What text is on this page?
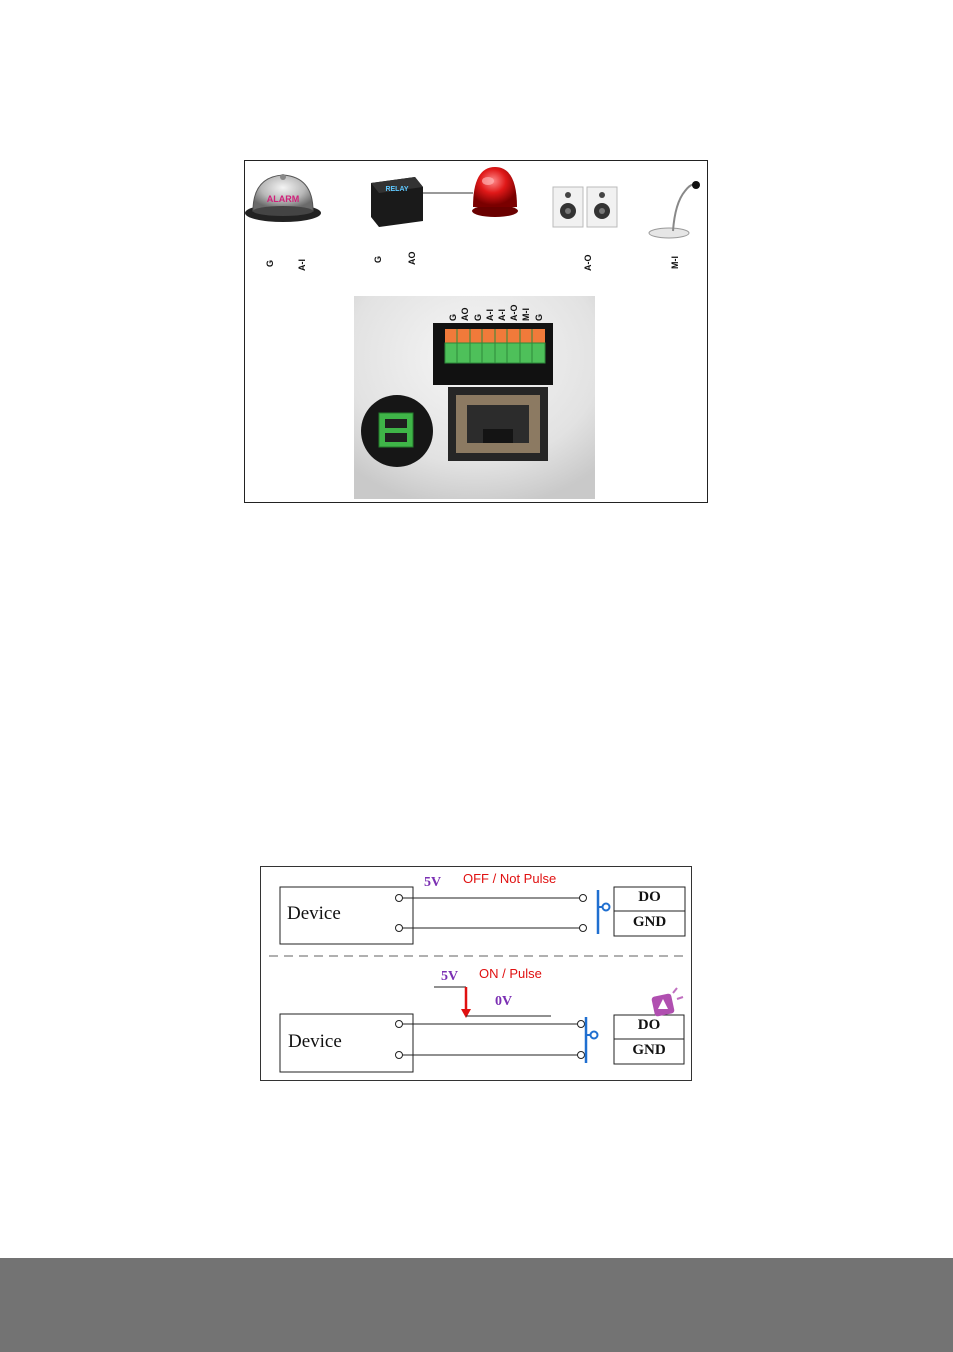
ALARM
RELAY
G A-I	G	AO	A-O	M-I
G AO G A-I A-I A-O M-I G
Device
5V OFF / Not Pulse
DO
GND
Device
5V
0V
ON / Pulse
DO
GND
